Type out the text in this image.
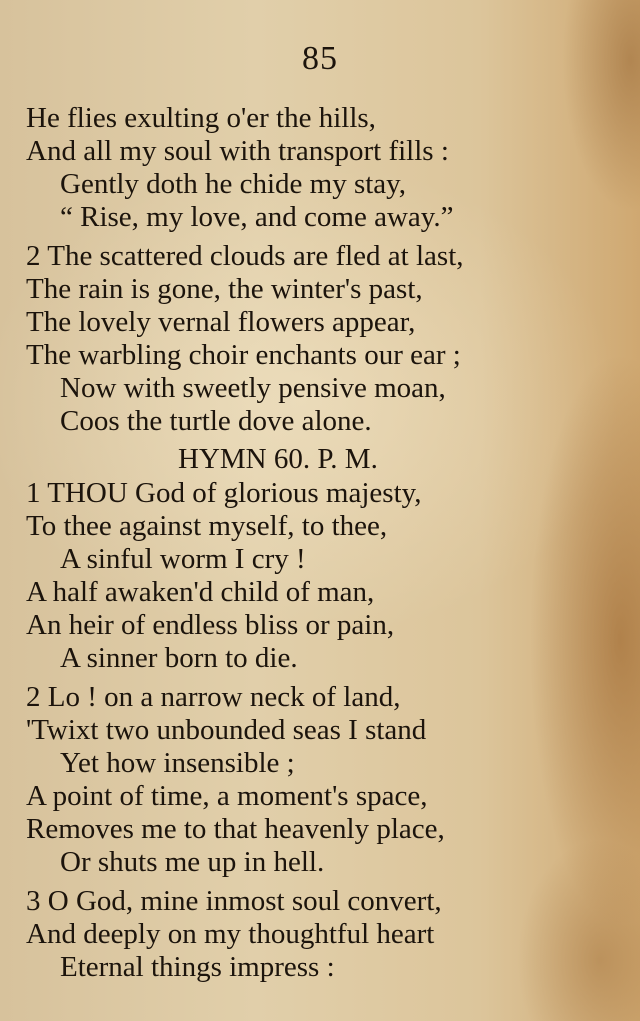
85
He flies exulting o'er the hills,
And all my soul with transport fills :
Gently doth he chide my stay,
“ Rise, my love, and come away.”
2 The scattered clouds are fled at last,
The rain is gone, the winter's past,
The lovely vernal flowers appear,
The warbling choir enchants our ear ;
Now with sweetly pensive moan,
Coos the turtle dove alone.
HYMN 60. P. M.
1 THOU God of glorious majesty,
To thee against myself, to thee,
A sinful worm I cry !
A half awaken'd child of man,
An heir of endless bliss or pain,
A sinner born to die.
2 Lo ! on a narrow neck of land,
'Twixt two unbounded seas I stand
Yet how insensible ;
A point of time, a moment's space,
Removes me to that heavenly place,
Or shuts me up in hell.
3 O God, mine inmost soul convert,
And deeply on my thoughtful heart
Eternal things impress :
